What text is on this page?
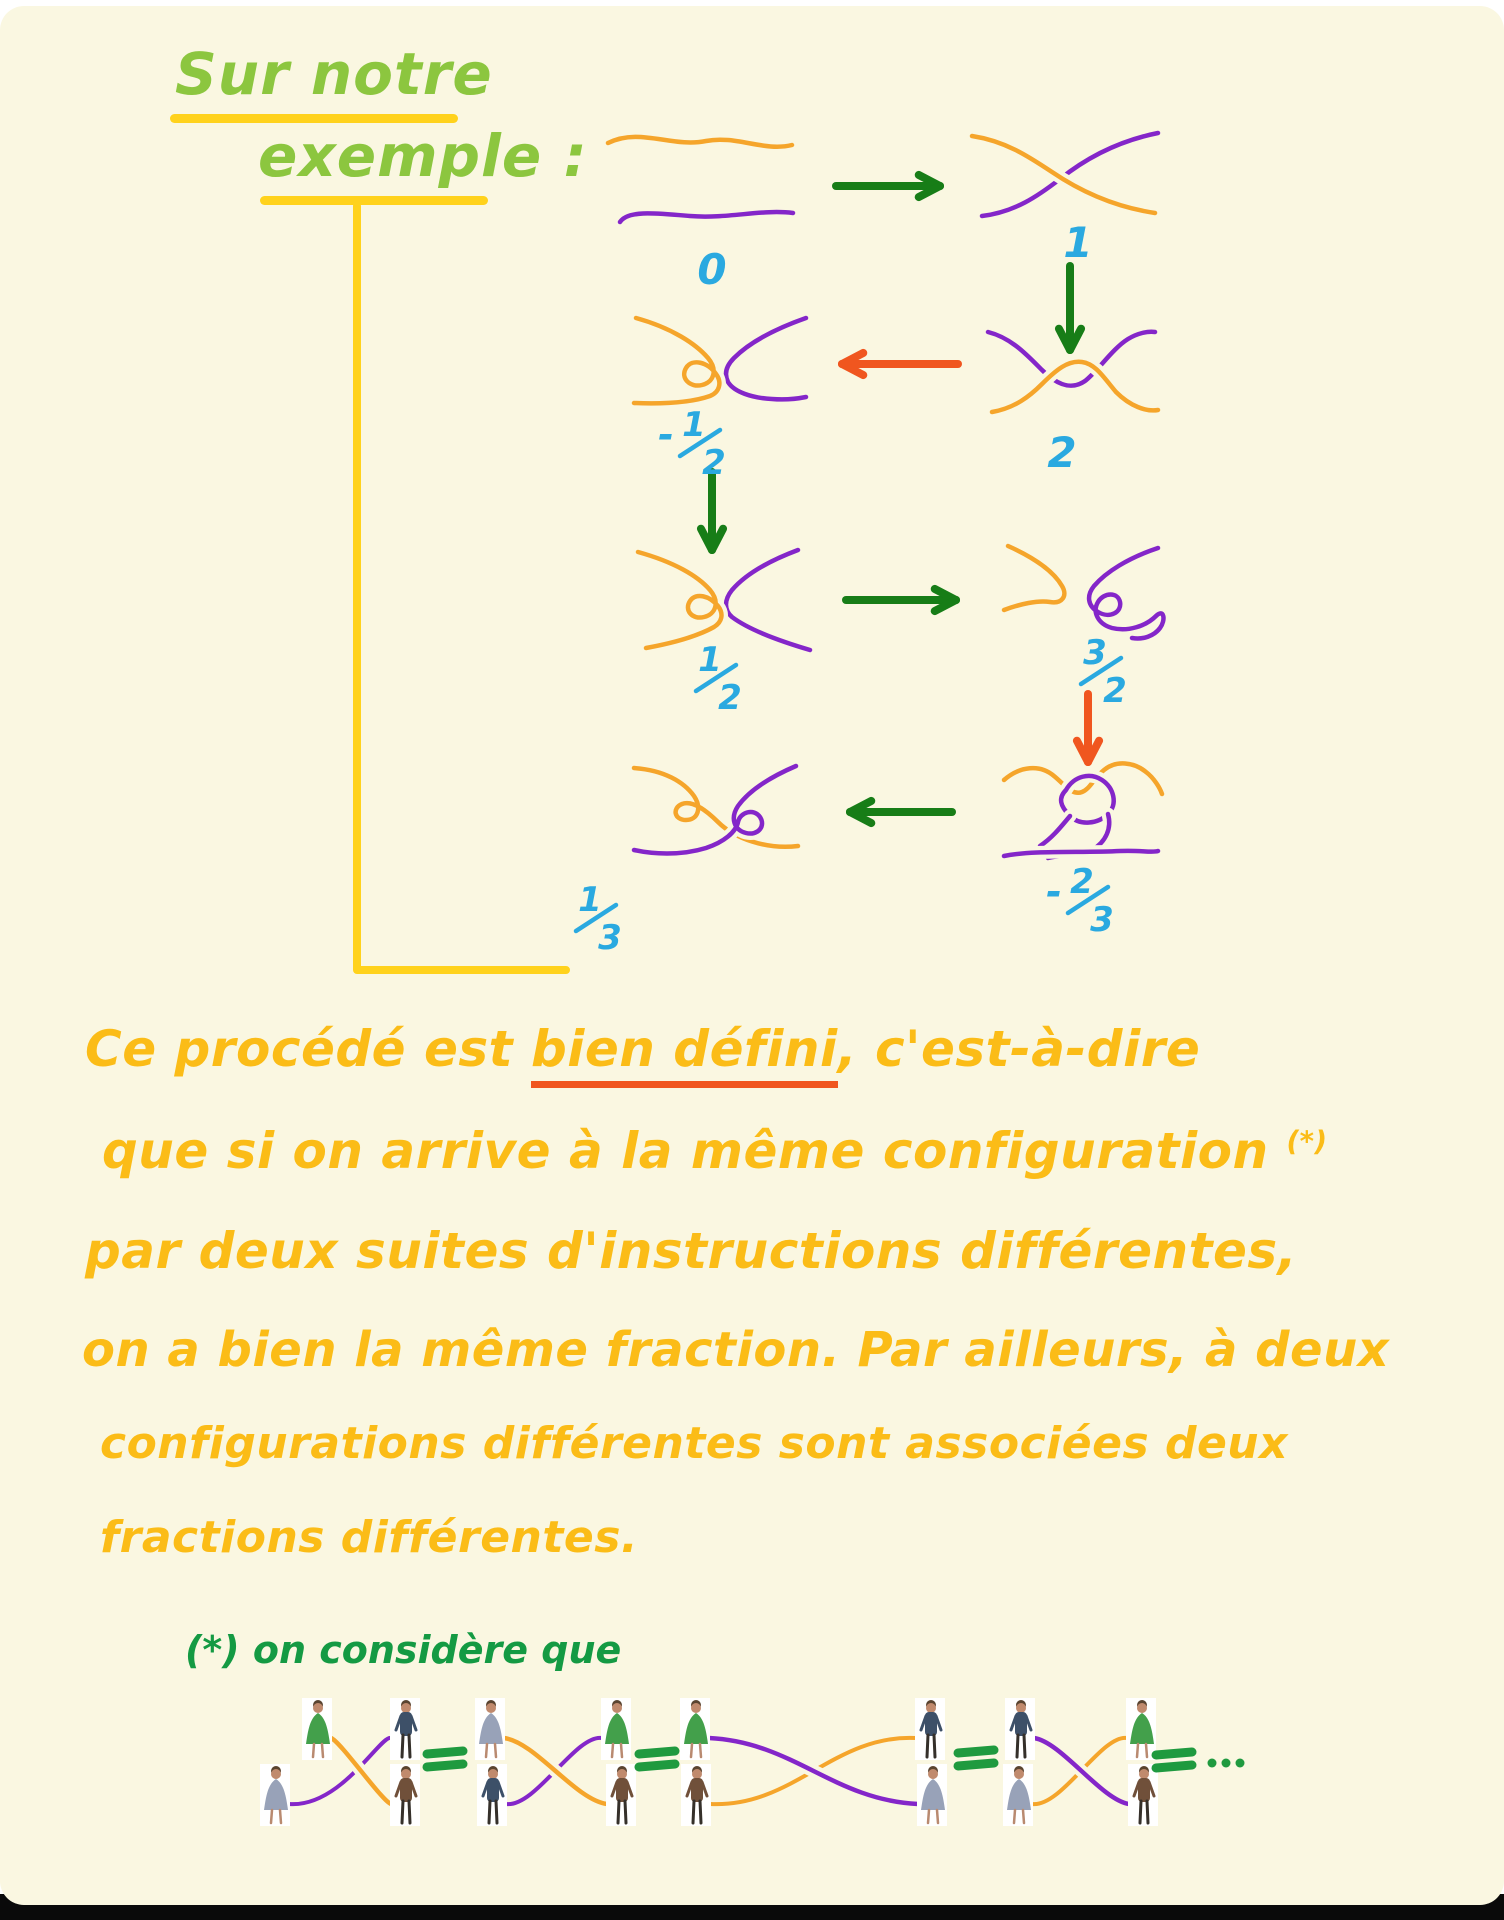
0
1
2
- 1
2
1
2
3
2
- 2
3
1
3
Sur notre
exemple :
Ce procédé est bien défini, c'est-à-dire
que si on arrive à la même configuration (*)
par deux suites d'instructions différentes,
on a bien la même fraction. Par ailleurs, à deux
configurations différentes sont associées deux
fractions différentes.
(*) on considère que
